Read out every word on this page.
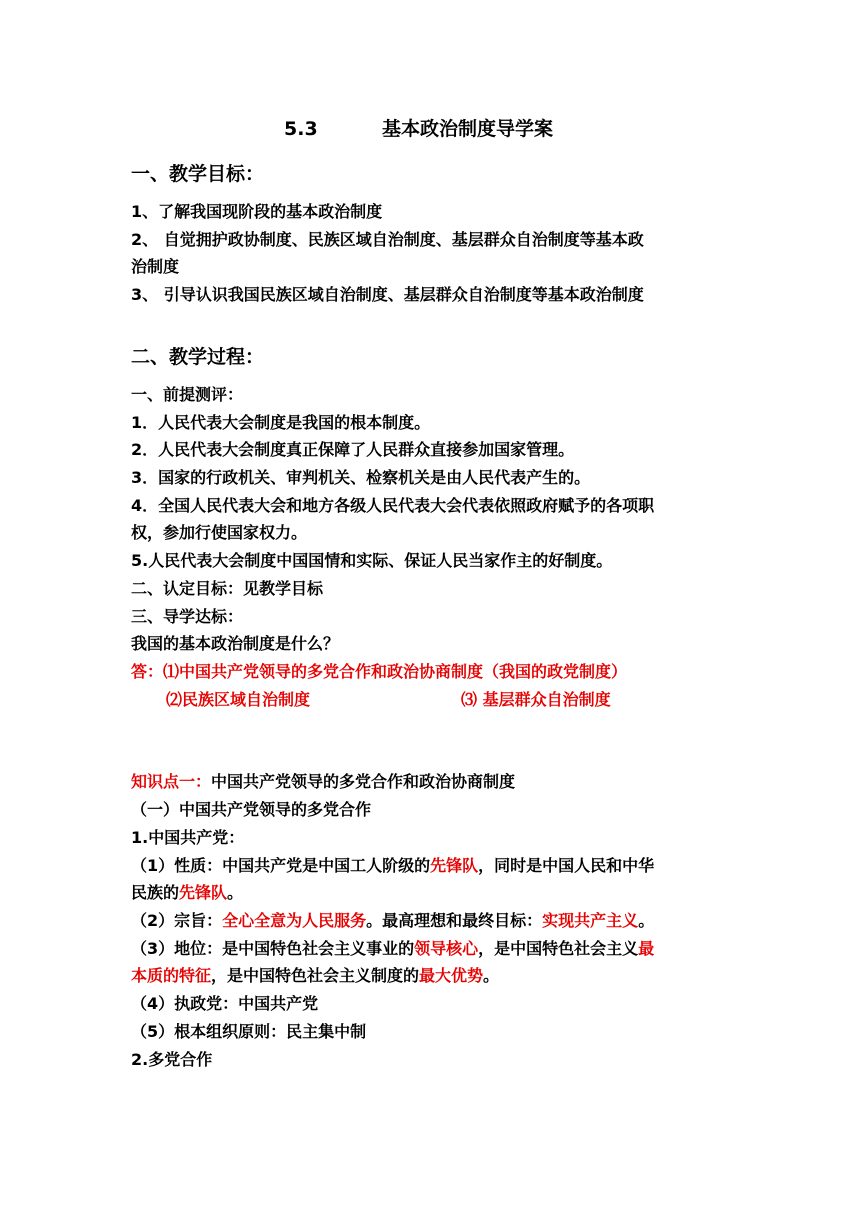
5.3	基本政治制度导学案
一、教学目标：
1、了解我国现阶段的基本政治制度
2、 自觉拥护政协制度、民族区域自治制度、基层群众自治制度等基本政
治制度
3、 引导认识我国民族区域自治制度、基层群众自治制度等基本政治制度
二、教学过程：
一、前提测评：
1．人民代表大会制度是我国的根本制度。
2．人民代表大会制度真正保障了人民群众直接参加国家管理。
3．国家的行政机关、审判机关、检察机关是由人民代表产生的。
4．全国人民代表大会和地方各级人民代表大会代表依照政府赋予的各项职
权，参加行使国家权力。
5.人民代表大会制度中国国情和实际、保证人民当家作主的好制度。
二、认定目标：见教学目标
三、导学达标：
我国的基本政治制度是什么？
答：⑴中国共产党领导的多党合作和政治协商制度（我国的政党制度）
⑵民族区域自治制度	⑶ 基层群众自治制度
知识点一：中国共产党领导的多党合作和政治协商制度
（一）中国共产党领导的多党合作
1.中国共产党：
（1）性质：中国共产党是中国工人阶级的先锋队，同时是中国人民和中华
民族的先锋队。
（2）宗旨：全心全意为人民服务。最高理想和最终目标：实现共产主义。
（3）地位：是中国特色社会主义事业的领导核心，是中国特色社会主义最
本质的特征，是中国特色社会主义制度的最大优势。
（4）执政党：中国共产党
（5）根本组织原则：民主集中制
2.多党合作
